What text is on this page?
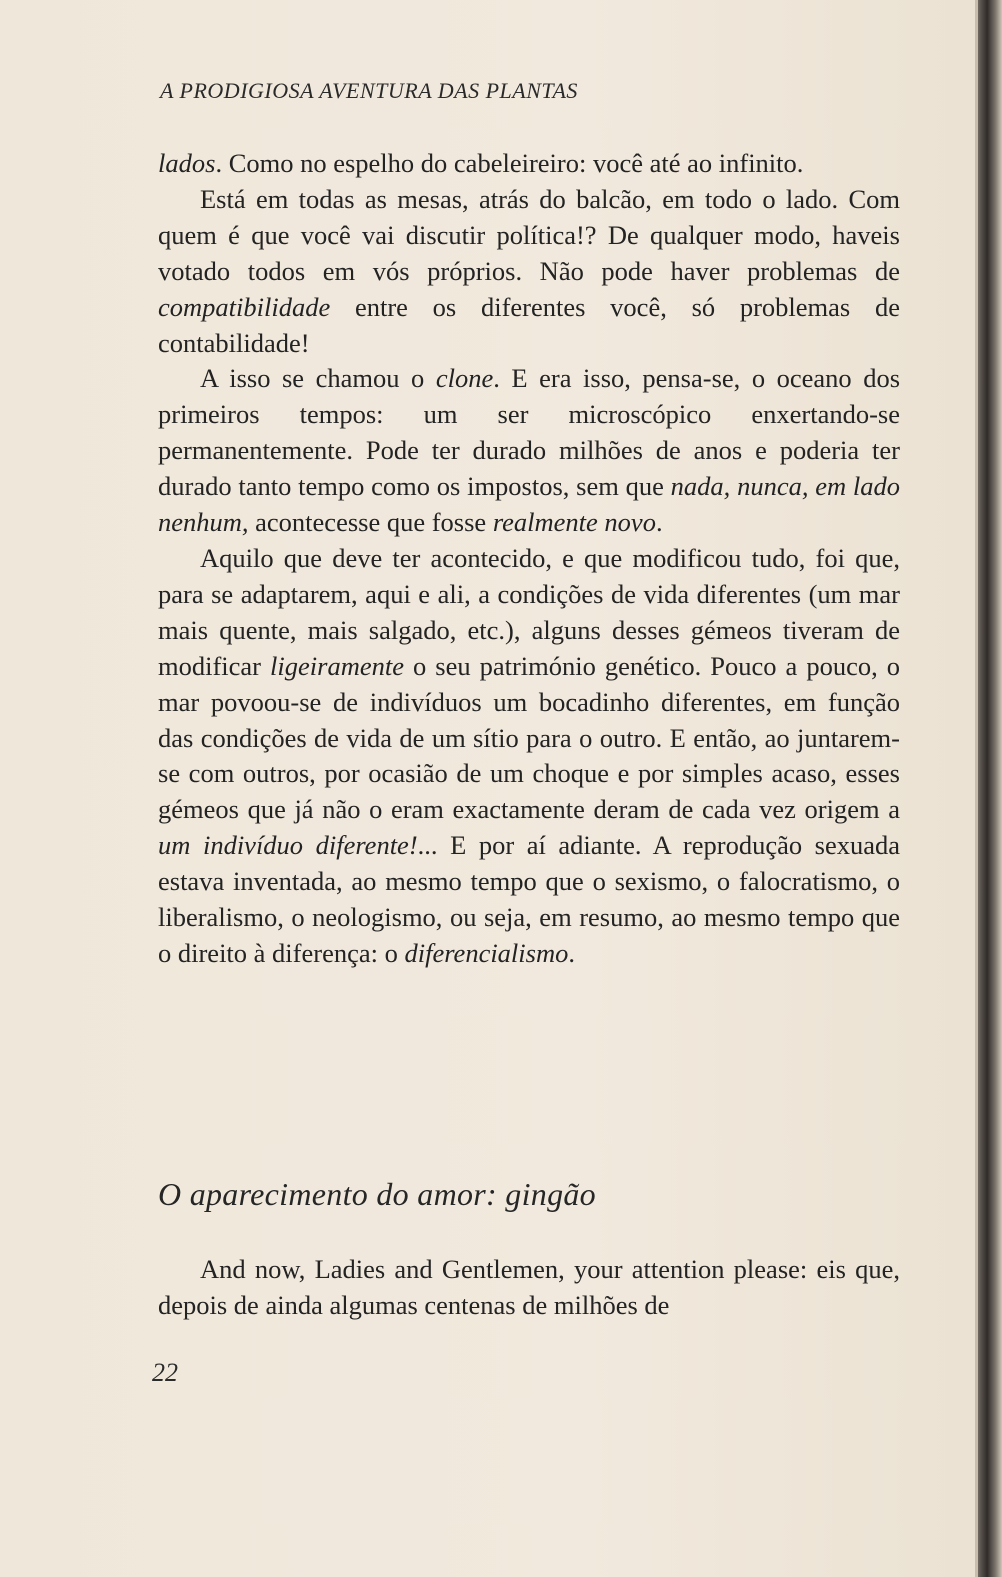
A PRODIGIOSA AVENTURA DAS PLANTAS

lados. Como no espelho do cabeleireiro: você até ao infinito.

Está em todas as mesas, atrás do balcão, em todo o lado. Com quem é que você vai discutir política!? De qualquer modo, haveis votado todos em vós próprios. Não pode haver problemas de compatibilidade entre os diferentes você, só problemas de contabilidade!

A isso se chamou o clone. E era isso, pensa-se, o oceano dos primeiros tempos: um ser microscópico enxertando-se permanentemente. Pode ter durado milhões de anos e poderia ter durado tanto tempo como os impostos, sem que nada, nunca, em lado nenhum, acontecesse que fosse realmente novo.

Aquilo que deve ter acontecido, e que modificou tudo, foi que, para se adaptarem, aqui e ali, a condições de vida diferentes (um mar mais quente, mais salgado, etc.), alguns desses gémeos tiveram de modificar ligeiramente o seu património genético. Pouco a pouco, o mar povoou-se de indivíduos um bocadinho diferentes, em função das condições de vida de um sítio para o outro. E então, ao juntarem-se com outros, por ocasião de um choque e por simples acaso, esses gémeos que já não o eram exactamente deram de cada vez origem a um indivíduo diferente!... E por aí adiante. A reprodução sexuada estava inventada, ao mesmo tempo que o sexismo, o falocratismo, o liberalismo, o neologismo, ou seja, em resumo, ao mesmo tempo que o direito à diferença: o diferencialismo.

O aparecimento do amor: gingão

And now, Ladies and Gentlemen, your attention please: eis que, depois de ainda algumas centenas de milhões de

22
